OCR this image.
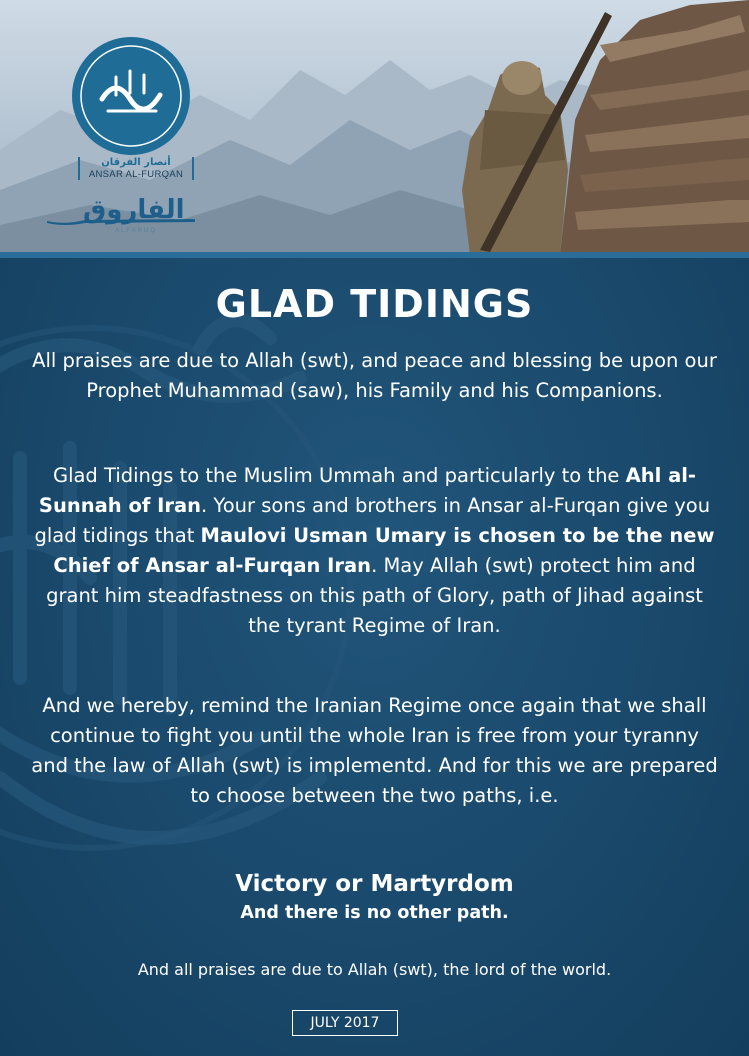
أنصار الفرقان
ANSAR AL-FURQAN
الفاروق
ALFARUQ
GLAD TIDINGS
All praises are due to Allah (swt), and peace and blessing be upon our Prophet Muhammad (saw), his Family and his Companions.
Glad Tidings to the Muslim Ummah and particularly to the Ahl al-Sunnah of Iran. Your sons and brothers in Ansar al-Furqan give you glad tidings that Maulovi Usman Umary is chosen to be the new Chief of Ansar al-Furqan Iran. May Allah (swt) protect him and grant him steadfastness on this path of Glory, path of Jihad against the tyrant Regime of Iran.
And we hereby, remind the Iranian Regime once again that we shall continue to fight you until the whole Iran is free from your tyranny and the law of Allah (swt) is implementd. And for this we are prepared to choose between the two paths, i.e.
Victory or Martyrdom
And there is no other path.
And all praises are due to Allah (swt), the lord of the world.
JULY 2017
